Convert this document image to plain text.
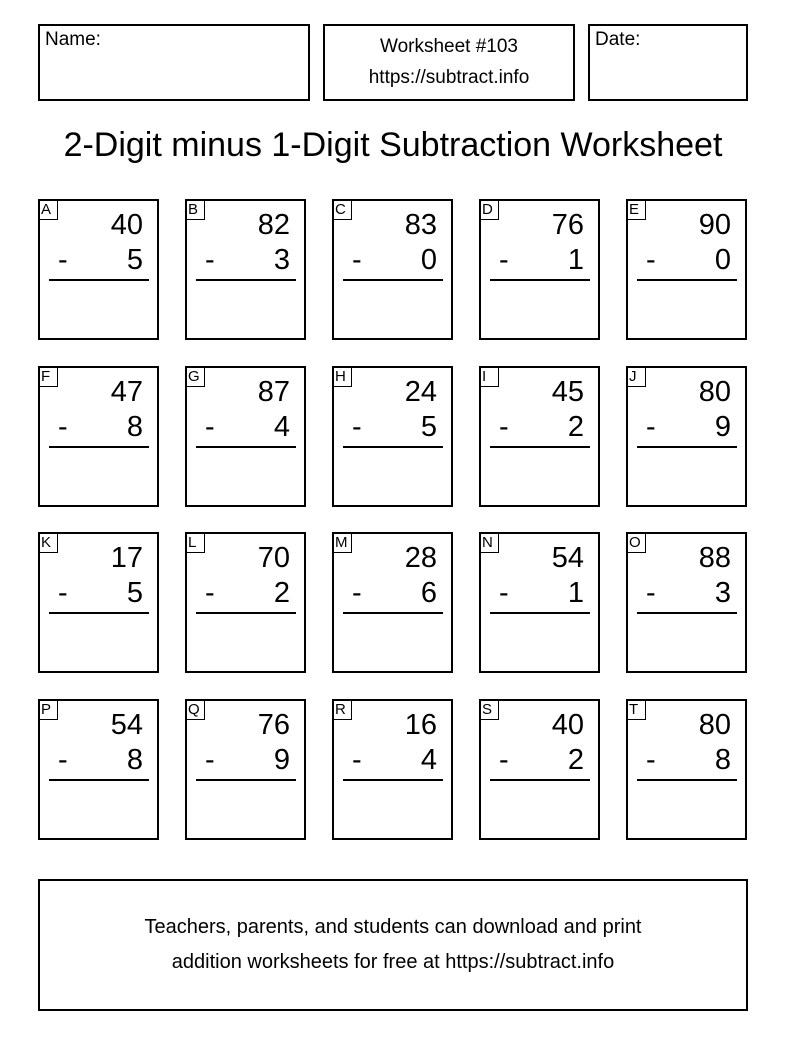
Name:	Worksheet #103
https://subtract.info
Date:
2-Digit minus 1-Digit Subtraction Worksheet
A 40
- 5
B 82
- 3
C 83
- 0
D 76
- 1
E 90
- 0
F 47
- 8
G 87
- 4
H 24
- 5
I	45
- 2
J	80
- 9
K 17
- 5
L 70
- 2
M 28
- 6
N 54
- 1
O 88
- 3
P 54
- 8
Q 76
- 9
R 16
- 4
S 40
- 2
T 80
- 8
Teachers, parents, and students can download and print
addition worksheets for free at https://subtract.info
